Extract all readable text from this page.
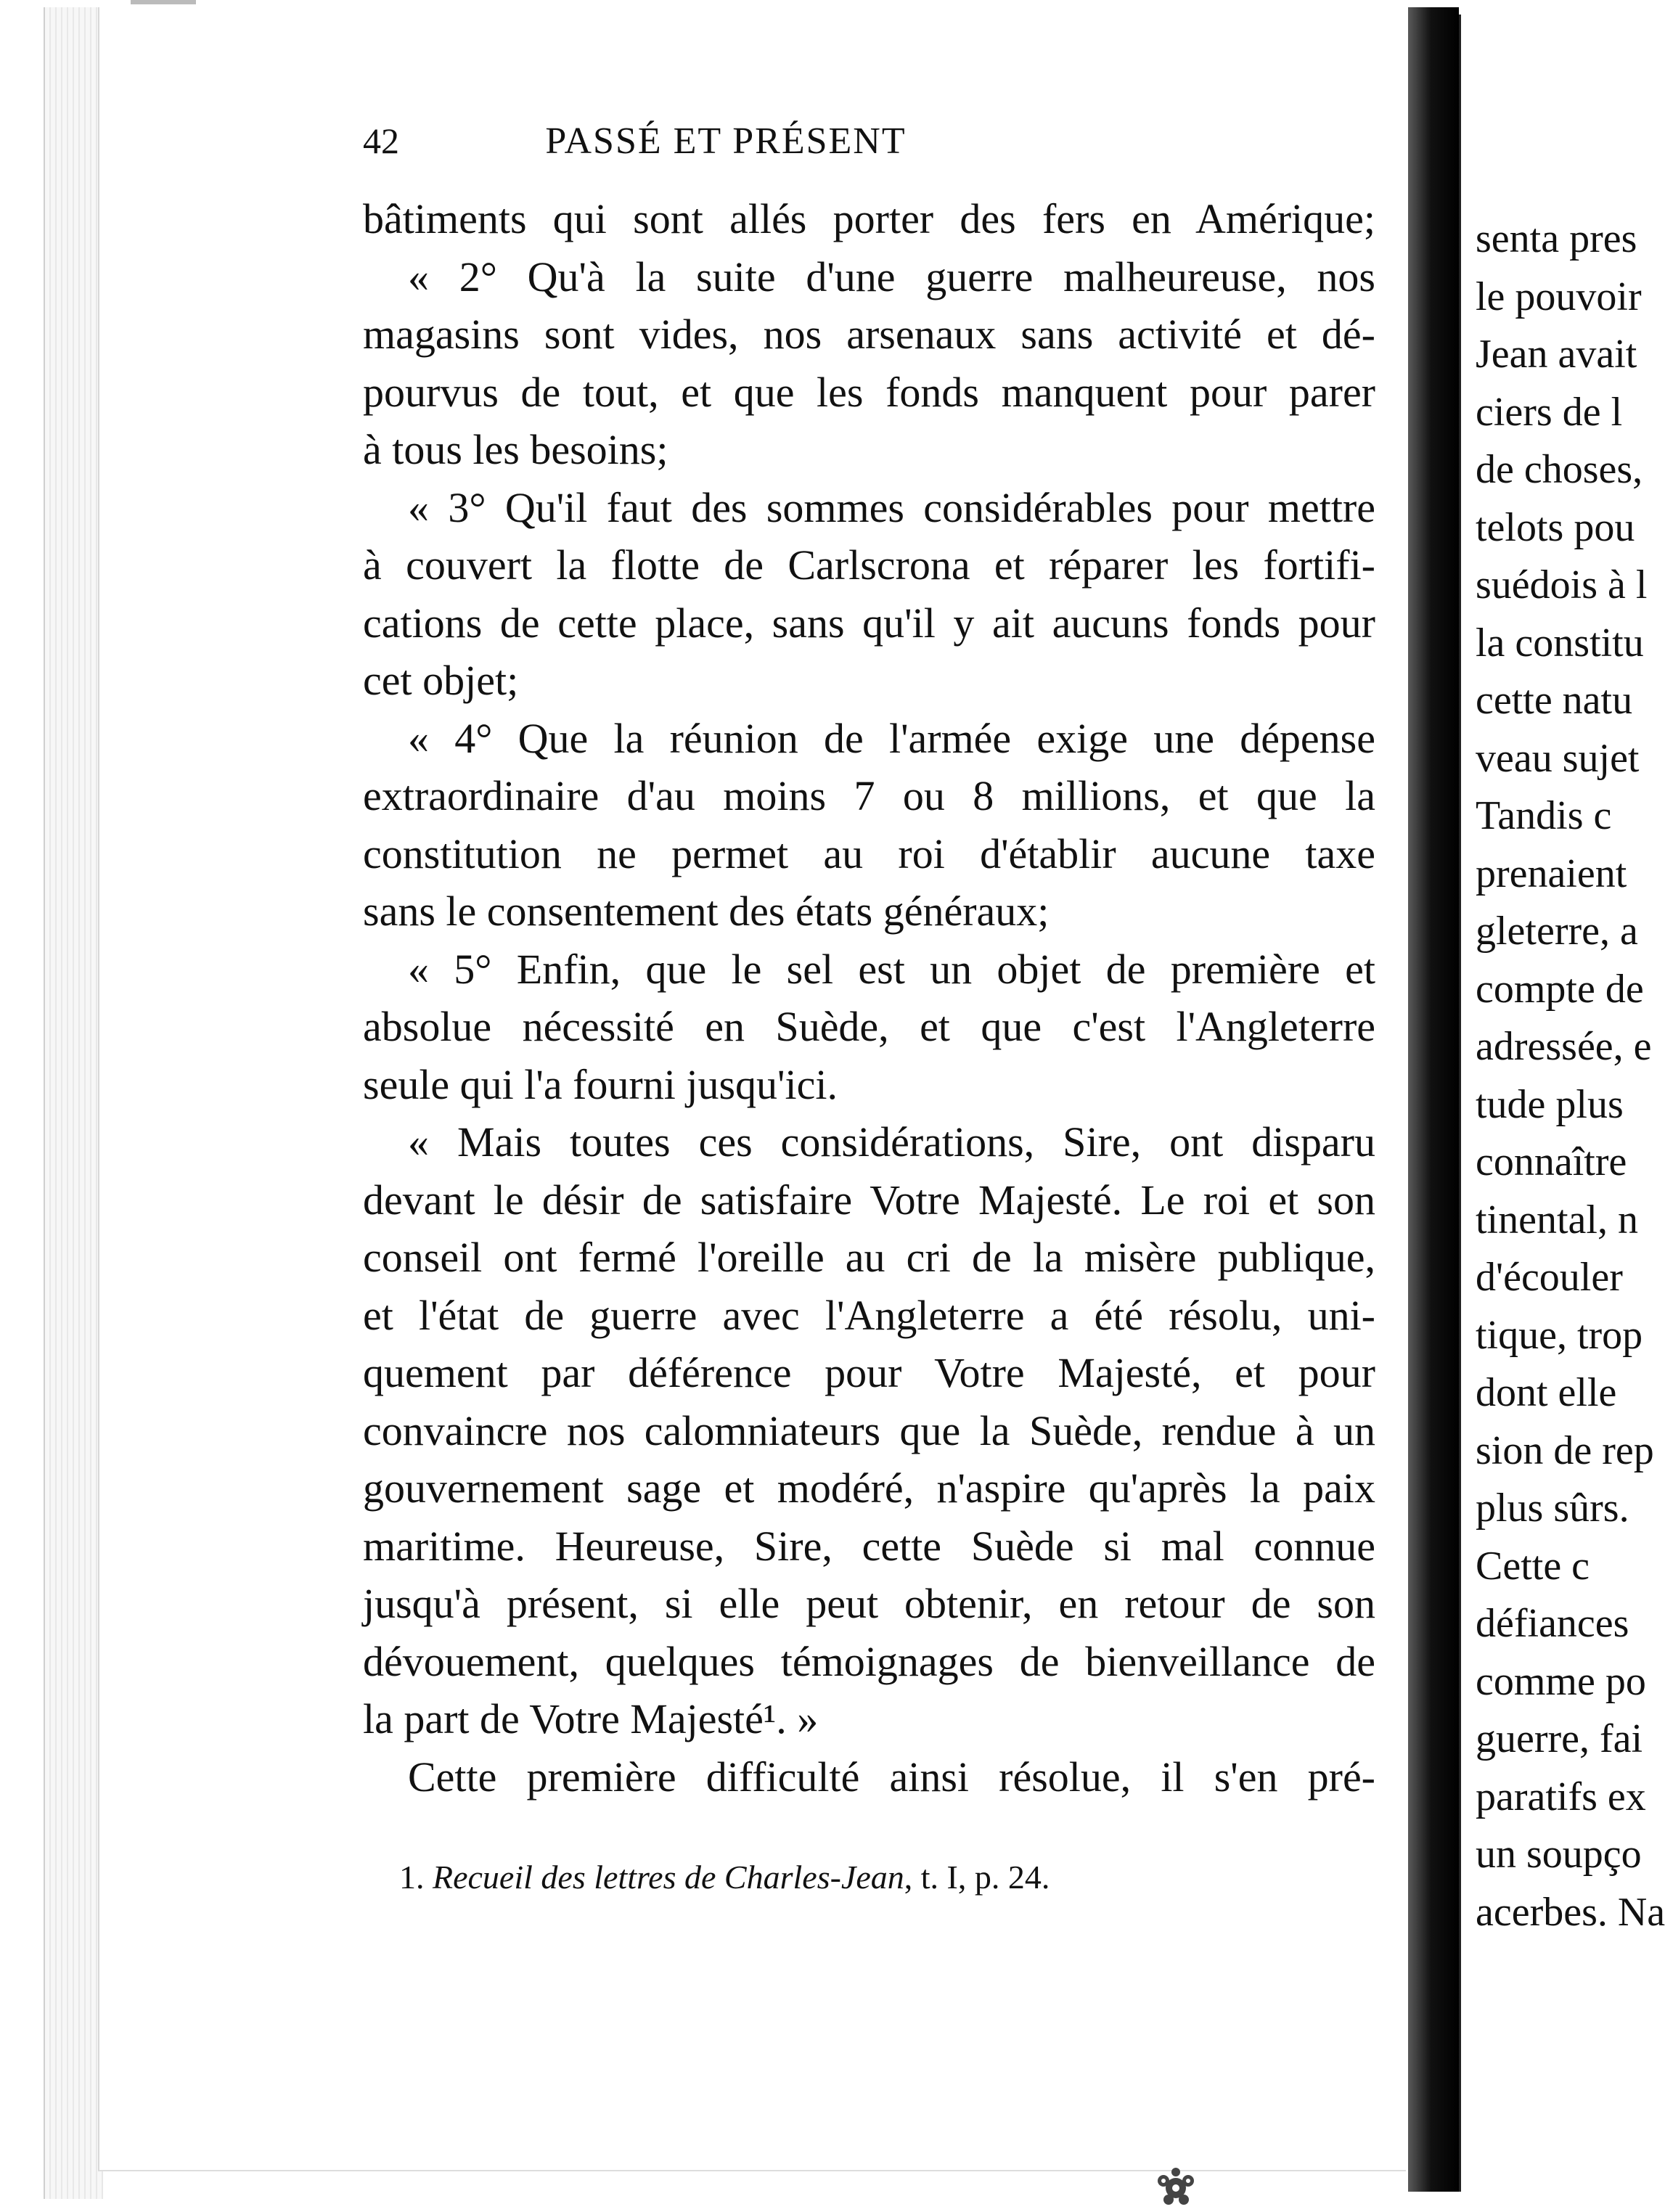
42	PASSÉ ET PRÉSENT
bâtiments qui sont allés porter des fers en Amérique;
« 2° Qu'à la suite d'une guerre malheureuse, nos
magasins sont vides, nos arsenaux sans activité et dé-
pourvus de tout, et que les fonds manquent pour parer
à tous les besoins;
« 3° Qu'il faut des sommes considérables pour mettre
à couvert la flotte de Carlscrona et réparer les fortifi-
cations de cette place, sans qu'il y ait aucuns fonds pour
cet objet;
« 4° Que la réunion de l'armée exige une dépense
extraordinaire d'au moins 7 ou 8 millions, et que la
constitution ne permet au roi d'établir aucune taxe
sans le consentement des états généraux;
« 5° Enfin, que le sel est un objet de première et
absolue nécessité en Suède, et que c'est l'Angleterre
seule qui l'a fourni jusqu'ici.
« Mais toutes ces considérations, Sire, ont disparu
devant le désir de satisfaire Votre Majesté. Le roi et son
conseil ont fermé l'oreille au cri de la misère publique,
et l'état de guerre avec l'Angleterre a été résolu, uni-
quement par déférence pour Votre Majesté, et pour
convaincre nos calomniateurs que la Suède, rendue à un
gouvernement sage et modéré, n'aspire qu'après la paix
maritime. Heureuse, Sire, cette Suède si mal connue
jusqu'à présent, si elle peut obtenir, en retour de son
dévouement, quelques témoignages de bienveillance de
la part de Votre Majesté¹. »
Cette première difficulté ainsi résolue, il s'en pré-
1. Recueil des lettres de Charles-Jean, t. I, p. 24.
senta pres
le pouvoir
Jean avait
ciers de l
de choses,
telots pou
suédois à l
la constitu
cette natu
veau sujet
Tandis c
prenaient
gleterre, a
compte de
adressée, e
tude plus
connaître
tinental, n
d'écouler
tique, trop
dont elle
sion de rep
plus sûrs.
Cette c
défiances
comme po
guerre, fai
paratifs ex
un soupço
acerbes. Na
